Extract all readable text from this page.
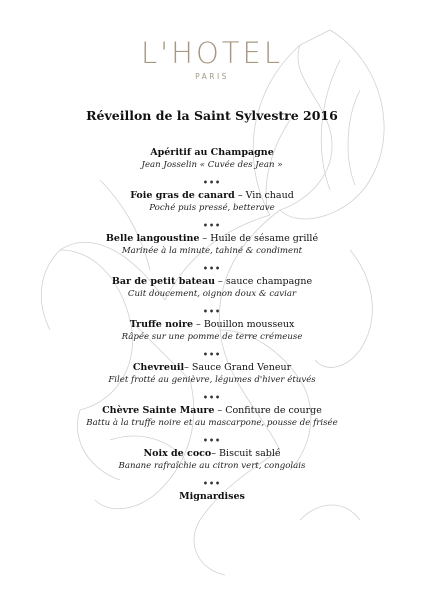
L'HOTEL
PARIS
Réveillon de la Saint Sylvestre 2016
Apéritif au Champagne
Jean Josselin « Cuvée des Jean »
•••
Foie gras de canard – Vin chaud
Poché puis pressé, betterave
•••
Belle langoustine – Huile de sésame grillé
Marinée à la minute, tahiné & condiment
•••
Bar de petit bateau – sauce champagne
Cuit doucement, oignon doux & caviar
•••
Truffe noire – Bouillon mousseux
Râpée sur une pomme de terre crémeuse
•••
Chevreuil– Sauce Grand Veneur
Filet frotté au genièvre, légumes d'hiver étuvés
•••
Chèvre Sainte Maure – Confiture de courge
Battu à la truffe noire et au mascarpone, pousse de frisée
•••
Noix de coco– Biscuit sablé
Banane rafraîchie au citron vert, congolais
•••
Mignardises
